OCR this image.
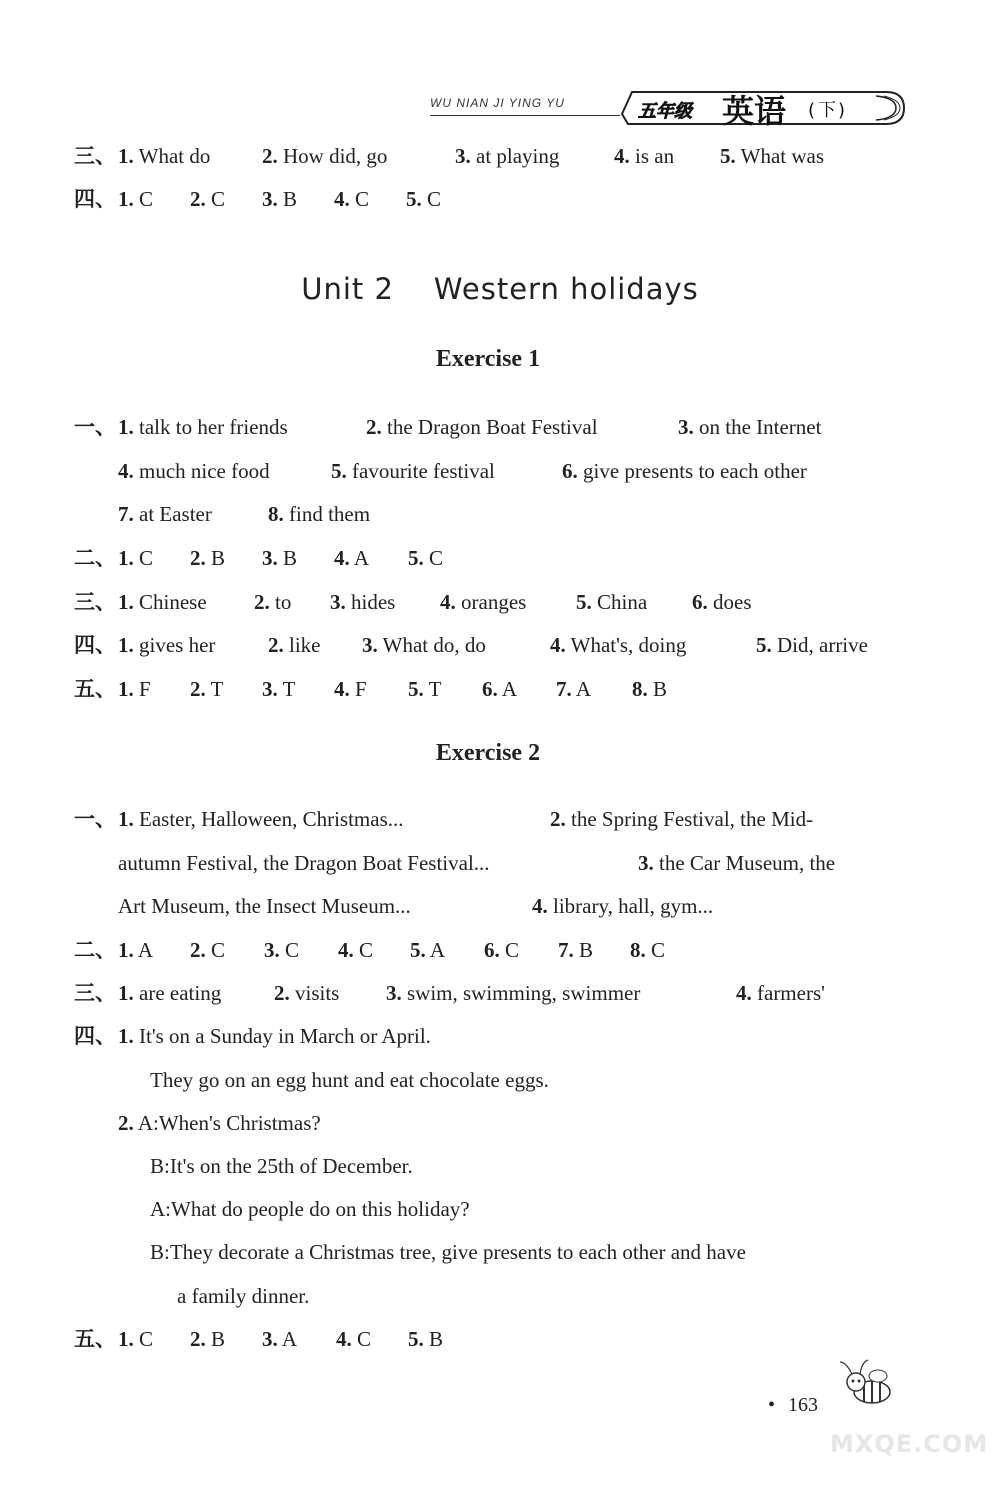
WU NIAN JI YING YU	五年级 英语 ( 下 )
三、 1. What do 2. How did, go	3. at playing	4. is an 5. What was
四、 1. C 2. C 3. B 4. C 5. C
Unit 2 Western holidays
Exercise 1
一、 1. talk to her friends	2. the Dragon Boat Festival	3. on the Internet
4. much nice food	5. favourite festival	6. give presents to each other
7. at Easter	8. find them
二、 1. C 2. B 3. B 4. A 5. C
三、 1. Chinese 2. to 3. hides 4. oranges 5. China 6. does
四、 1. gives her	2. like 3. What do, do	4. What's, doing	5. Did, arrive
五、 1. F 2. T 3. T 4. F 5. T 6. A 7. A 8. B
Exercise 2
一、 1. Easter, Halloween, Christmas...	2. the Spring Festival, the Mid-
autumn Festival, the Dragon Boat Festival...	3. the Car Museum, the
Art Museum, the Insect Museum...	4. library, hall, gym...
二、 1. A 2. C 3. C 4. C 5. A 6. C 7. B 8. C
三、 1. are eating	2. visits 3. swim, swimming, swimmer	4. farmers'
四、 1. It's on a Sunday in March or April.
They go on an egg hunt and eat chocolate eggs.
2. A:When's Christmas?
B:It's on the 25th of December.
A:What do people do on this holiday?
B:They decorate a Christmas tree, give presents to each other and have
a family dinner.
五、 1. C 2. B 3. A 4. C 5. B
• 163
MXQE.COM
